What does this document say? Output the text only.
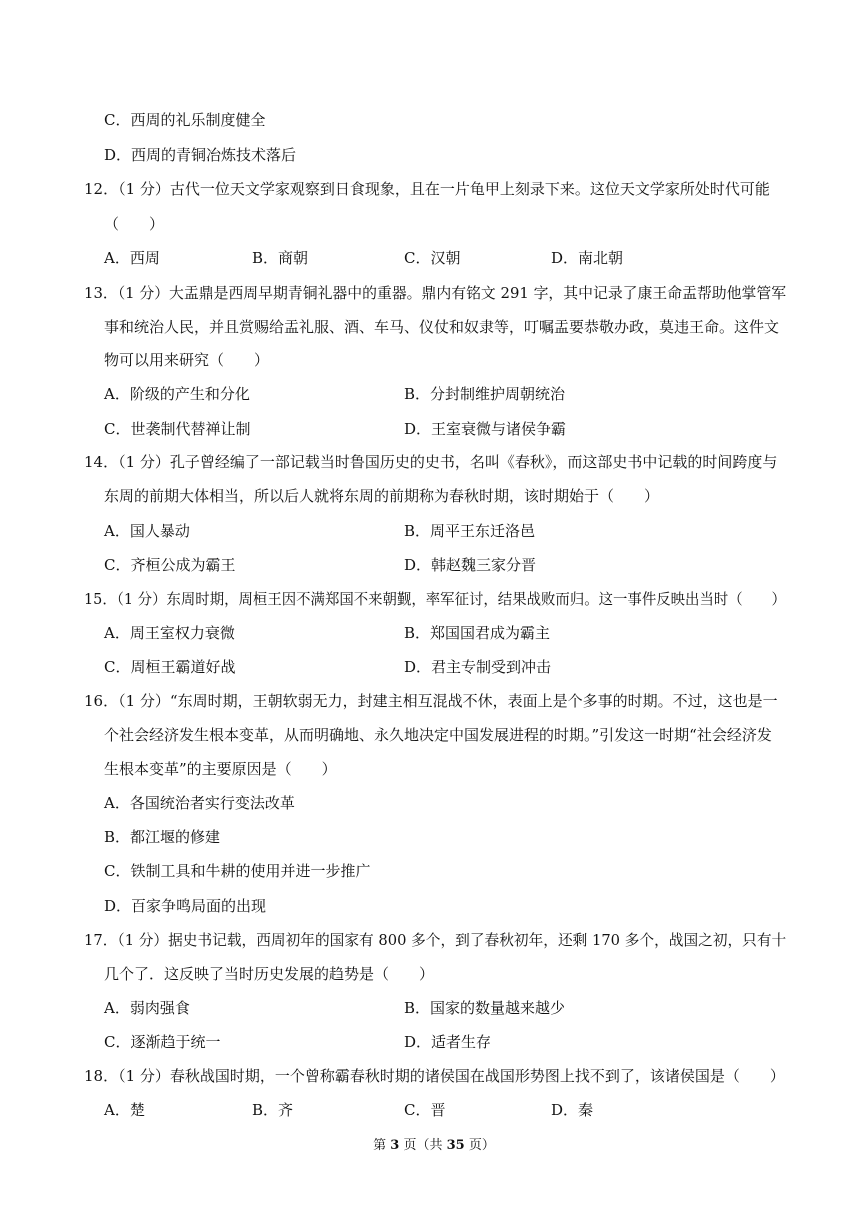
C．西周的礼乐制度健全
D．西周的青铜冶炼技术落后
12．（1 分）古代一位天文学家观察到日食现象，且在一片龟甲上刻录下来。这位天文学家所处时代可能
（　　）
A．西周	B．商朝	C．汉朝	D．南北朝
13．（1 分）大盂鼎是西周早期青铜礼器中的重器。鼎内有铭文 291 字，其中记录了康王命盂帮助他掌管军
事和统治人民，并且赏赐给盂礼服、酒、车马、仪仗和奴隶等，叮嘱盂要恭敬办政，莫违王命。这件文
物可以用来研究（　　）
A．阶级的产生和分化	B．分封制维护周朝统治
C．世袭制代替禅让制	D．王室衰微与诸侯争霸
14．（1 分）孔子曾经编了一部记载当时鲁国历史的史书，名叫《春秋》，而这部史书中记载的时间跨度与
东周的前期大体相当，所以后人就将东周的前期称为春秋时期，该时期始于（　　）
A．国人暴动	B．周平王东迁洛邑
C．齐桓公成为霸王	D．韩赵魏三家分晋
15．（1 分）东周时期，周桓王因不满郑国不来朝觐，率军征讨，结果战败而归。这一事件反映出当时（　　）
A．周王室权力衰微	B．郑国国君成为霸主
C．周桓王霸道好战	D．君主专制受到冲击
16．（1 分）“东周时期，王朝软弱无力，封建主相互混战不休，表面上是个多事的时期。不过，这也是一
个社会经济发生根本变革，从而明确地、永久地决定中国发展进程的时期。”引发这一时期“社会经济发
生根本变革”的主要原因是（　　）
A．各国统治者实行变法改革
B．都江堰的修建
C．铁制工具和牛耕的使用并进一步推广
D．百家争鸣局面的出现
17．（1 分）据史书记载，西周初年的国家有 800 多个，到了春秋初年，还剩 170 多个，战国之初，只有十
几个了．这反映了当时历史发展的趋势是（　　）
A．弱肉强食	B．国家的数量越来越少
C．逐渐趋于统一	D．适者生存
18．（1 分）春秋战国时期，一个曾称霸春秋时期的诸侯国在战国形势图上找不到了，该诸侯国是（　　）
A．楚	B．齐	C．晋	D．秦
第 3 页（共 35 页）
